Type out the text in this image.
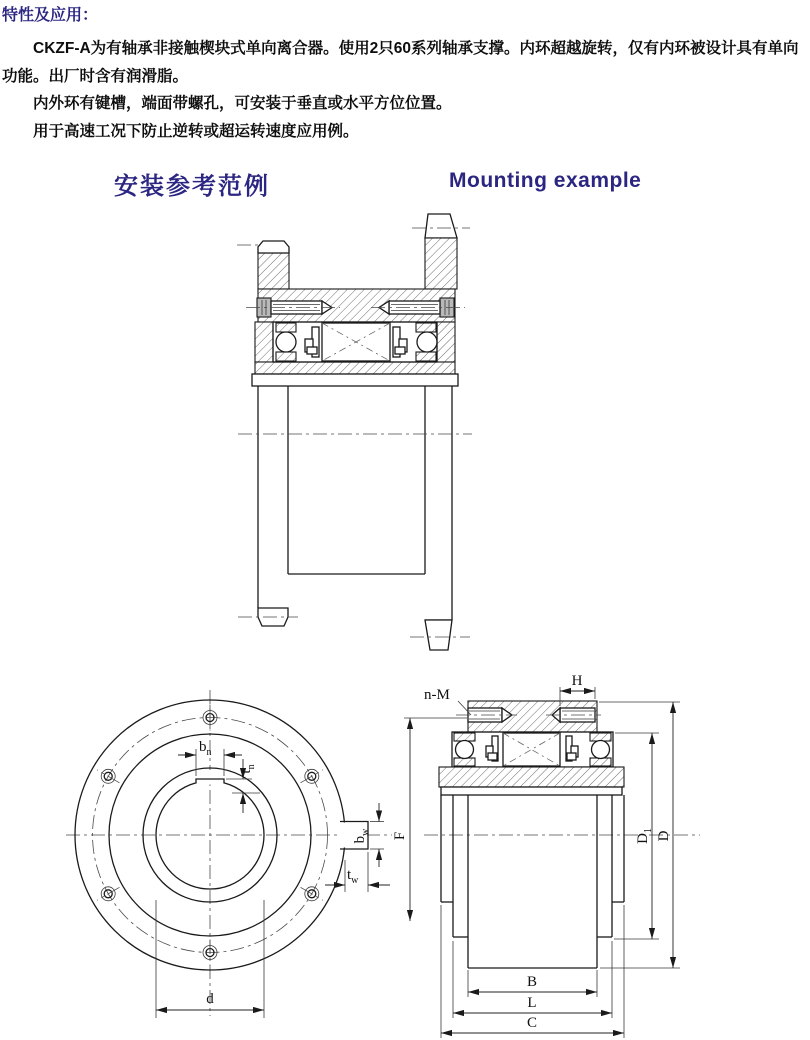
特性及应用：

CKZF-A为有轴承非接触楔块式单向离合器。使用2只60系列轴承支撑。内环超越旋转，仅有内环被设计具有单向功能。出厂时含有润滑脂。

内外环有键槽，端面带螺孔，可安装于垂直或水平方位位置。

用于高速工况下防止逆转或超运转速度应用例。

安装参考范例	Mounting example
$b_n$
$t_n$
$b_w$
$t_w$
d
H
n-M
F	$D_1$ D
B
L
C
